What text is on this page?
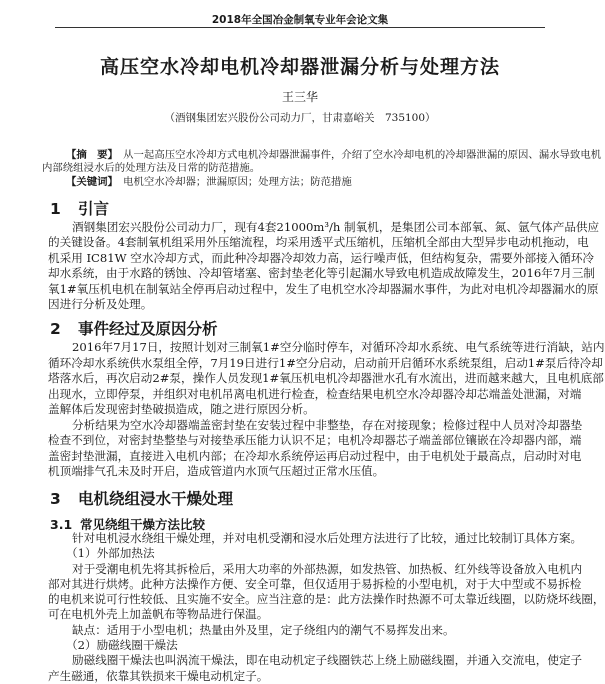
2018年全国冶金制氧专业年会论文集
高压空水冷却电机冷却器泄漏分析与处理方法
王三华
（酒钢集团宏兴股份公司动力厂，甘肃嘉峪关　735100）
【摘　要】　 从一起高压空水冷却方式电机冷却器泄漏事件，介绍了空水冷却电机的冷却器泄漏的原因、漏水导致电机
内部绕组浸水后的处理方法及日常的防范措施。
【关键词】　 电机空水冷却器；泄漏原因；处理方法；防范措施
1 引言
酒钢集团宏兴股份公司动力厂，现有4套21000m³/h 制氧机，是集团公司本部氧、氮、氩气体产品供应
的关键设备。4套制氧机组采用外压缩流程，均采用透平式压缩机，压缩机全部由大型异步电动机拖动，电
机采用 IC81W 空水冷却方式，而此种冷却器冷却效力高，运行噪声低，但结构复杂，需要外部接入循环冷
却水系统，由于水路的锈蚀、冷却管堵塞、密封垫老化等引起漏水导致电机造成故障发生，2016年7月三制
氧1#氧压机电机在制氧站全停再启动过程中，发生了电机空水冷却器漏水事件，为此对电机冷却器漏水的原
因进行分析及处理。
2 事件经过及原因分析
2016年7月17日，按照计划对三制氧1#空分临时停车，对循环冷却水系统、电气系统等进行消缺，站内
循环冷却水系统供水泵组全停，7月19日进行1#空分启动，启动前开启循环水系统泵组，启动1#泵后待冷却
塔落水后，再次启动2#泵，操作人员发现1#氧压机电机冷却器泄水孔有水流出，进而越来越大，且电机底部
出现水，立即停泵，并组织对电机吊离电机进行检查，检查结果电机空水冷却器冷却芯端盖处泄漏，对端
盖解体后发现密封垫破损造成，随之进行原因分析。
分析结果为空水冷却器端盖密封垫在安装过程中非整垫，存在对接现象；检修过程中人员对冷却器垫
检查不到位，对密封垫整垫与对接垫承压能力认识不足；电机冷却器芯子端盖部位镶嵌在冷却器内部，端
盖密封垫泄漏，直接进入电机内部；在冷却水系统停运再启动过程中，由于电机处于最高点，启动时对电
机顶端排气孔未及时开启，造成管道内水顶气压超过正常水压值。
3 电机绕组浸水干燥处理
3.1 常见绕组干燥方法比较
针对电机浸水绕组干燥处理，并对电机受潮和浸水后处理方法进行了比较，通过比较制订具体方案。
（1）外部加热法
对于受潮电机先将其拆检后，采用大功率的外部热源，如发热管、加热板、红外线等设备放入电机内
部对其进行烘烤。此种方法操作方便、安全可靠，但仅适用于易拆检的小型电机，对于大中型或不易拆检
的电机来说可行性较低、且实施不安全。应当注意的是：此方法操作时热源不可太靠近线圈，以防烧坏线圈，
可在电机外壳上加盖帆布等物品进行保温。
缺点：适用于小型电机；热量由外及里，定子绕组内的潮气不易挥发出来。
（2）励磁线圈干燥法
励磁线圈干燥法也叫涡流干燥法，即在电动机定子线圈铁芯上绕上励磁线圈，并通入交流电，使定子
产生磁通，依靠其铁损来干燥电动机定子。
